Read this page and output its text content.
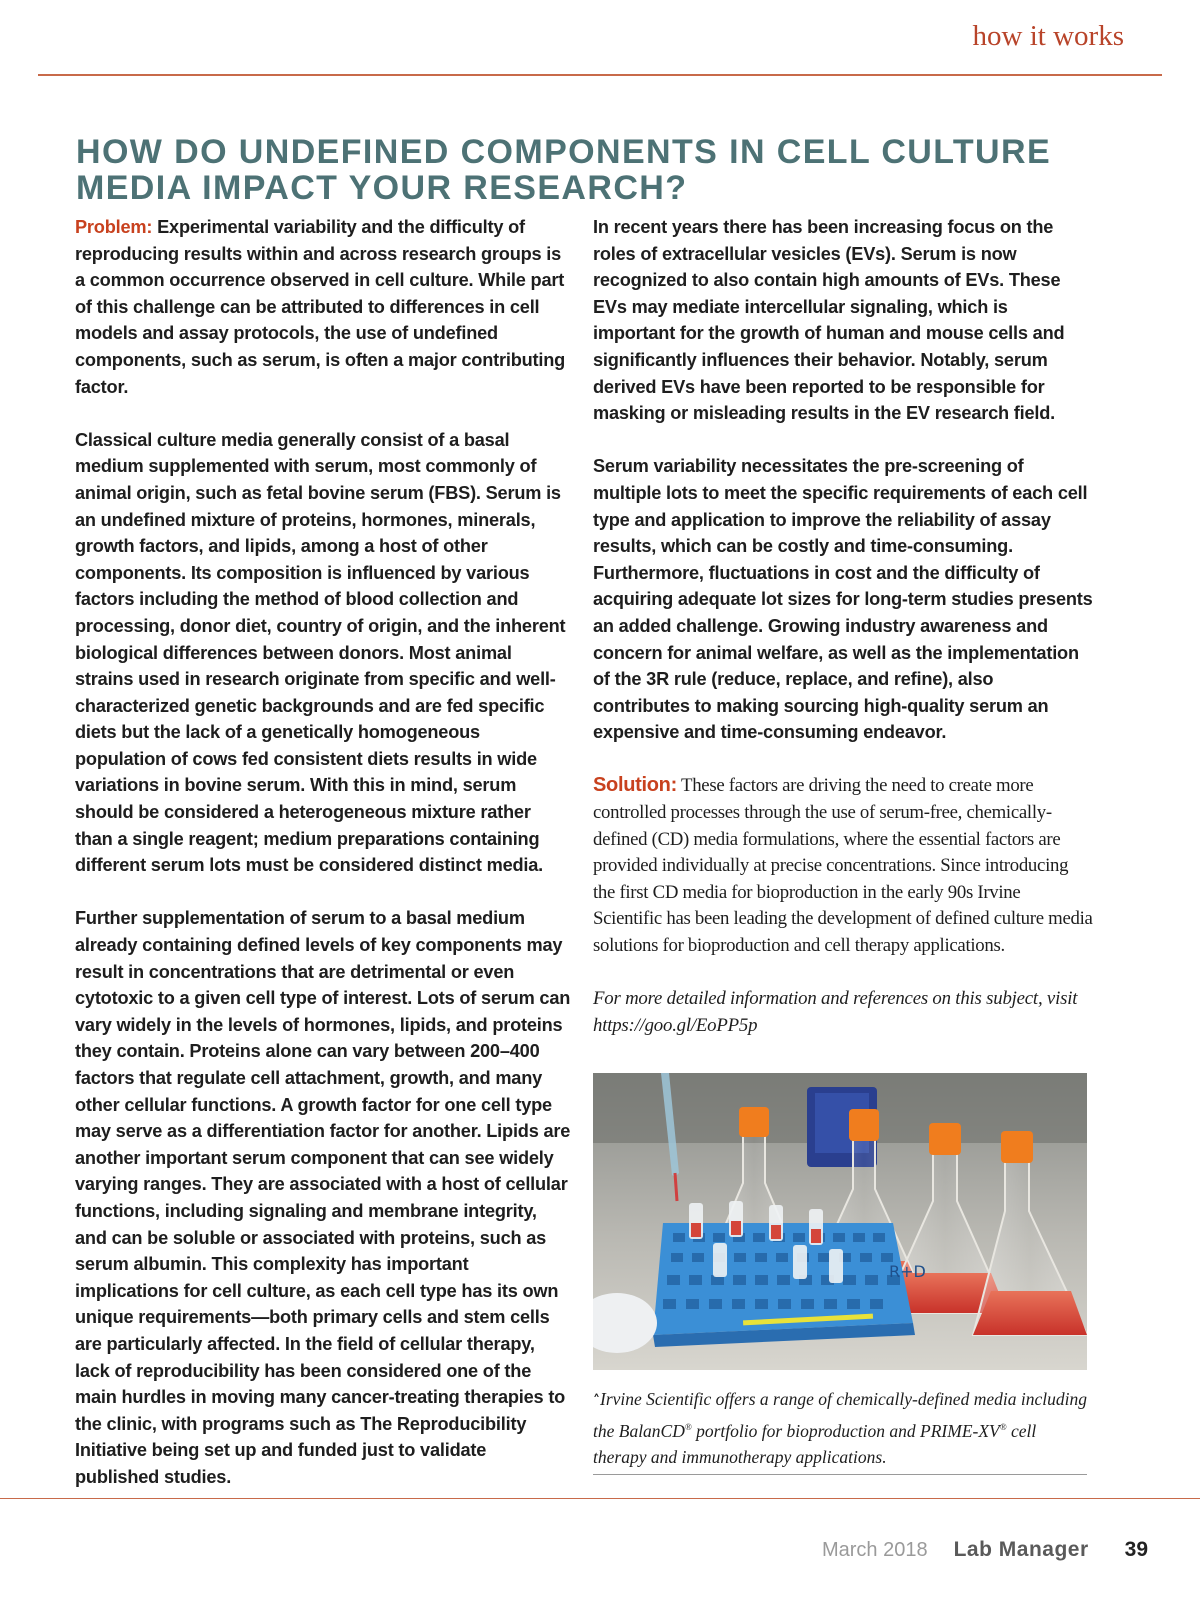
how it works
HOW DO UNDEFINED COMPONENTS IN CELL CULTURE
MEDIA IMPACT YOUR RESEARCH?

Problem: Experimental variability and the difficulty of reproducing results within and across research groups is a common occurrence observed in cell culture. While part of this challenge can be attributed to differences in cell models and assay protocols, the use of undefined components, such as serum, is often a major contributing factor.

Classical culture media generally consist of a basal medium supplemented with serum, most commonly of animal origin, such as fetal bovine serum (FBS). Serum is an undefined mixture of proteins, hormones, minerals, growth factors, and lipids, among a host of other components. Its composition is influenced by various factors including the method of blood collection and processing, donor diet, country of origin, and the inherent biological differences between donors. Most animal strains used in research originate from specific and well-characterized genetic backgrounds and are fed specific diets but the lack of a genetically homogeneous population of cows fed consistent diets results in wide variations in bovine serum. With this in mind, serum should be considered a heterogeneous mixture rather than a single reagent; medium preparations containing different serum lots must be considered distinct media.

Further supplementation of serum to a basal medium already containing defined levels of key components may result in concentrations that are detrimental or even cytotoxic to a given cell type of interest. Lots of serum can vary widely in the levels of hormones, lipids, and proteins they contain. Proteins alone can vary between 200–400 factors that regulate cell attachment, growth, and many other cellular functions. A growth factor for one cell type may serve as a differentiation factor for another. Lipids are another important serum component that can see widely varying ranges. They are associated with a host of cellular functions, including signaling and membrane integrity, and can be soluble or associated with proteins, such as serum albumin. This complexity has important implications for cell culture, as each cell type has its own unique requirements—both primary cells and stem cells are particularly affected. In the field of cellular therapy, lack of reproducibility has been considered one of the main hurdles in moving many cancer-treating therapies to the clinic, with programs such as The Reproducibility Initiative being set up and funded just to validate published studies.

In recent years there has been increasing focus on the roles of extracellular vesicles (EVs). Serum is now recognized to also contain high amounts of EVs. These EVs may mediate intercellular signaling, which is important for the growth of human and mouse cells and significantly influences their behavior. Notably, serum derived EVs have been reported to be responsible for masking or misleading results in the EV research field.

Serum variability necessitates the pre-screening of multiple lots to meet the specific requirements of each cell type and application to improve the reliability of assay results, which can be costly and time-consuming. Furthermore, fluctuations in cost and the difficulty of acquiring adequate lot sizes for long-term studies presents an added challenge. Growing industry awareness and concern for animal welfare, as well as the implementation of the 3R rule (reduce, replace, and refine), also contributes to making sourcing high-quality serum an expensive and time-consuming endeavor.

Solution: These factors are driving the need to create more controlled processes through the use of serum-free, chemically-defined (CD) media formulations, where the essential factors are provided individually at precise concentrations. Since introducing the first CD media for bioproduction in the early 90s Irvine Scientific has been leading the development of defined culture media solutions for bioproduction and cell therapy applications.

For more detailed information and references on this subject, visit https://goo.gl/EoPP5p

R+D
˄Irvine Scientific offers a range of chemically-defined media including the BalanCD® portfolio for bioproduction and PRIME-XV® cell therapy and immunotherapy applications.
March 2018 Lab Manager 39
